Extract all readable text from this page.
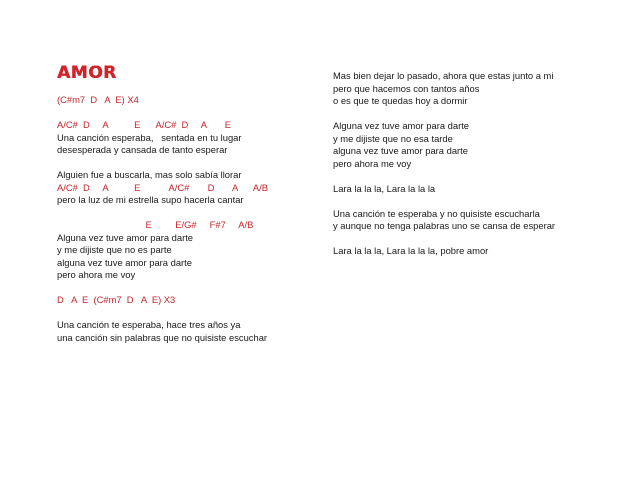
AMOR
(C#m7  D   A  E) X4
A/C#  D     A          E      A/C#  D     A       E
Una canción esperaba,   sentada en tu lugar
desesperada y cansada de tanto esperar
Alguien fue a buscarla, mas solo sabía llorar
A/C#  D     A          E           A/C#       D       A      A/B
pero la luz de mi estrella supo hacerla cantar
E         E/G#     F#7     A/B
Alguna vez tuve amor para darte
y me dijiste que no es parte
alguna vez tuve amor para darte
pero ahora me voy
D   A  E  (C#m7  D   A  E) X3
Una canción te esperaba, hace tres años ya
una canción sin palabras que no quisiste escuchar
Mas bien dejar lo pasado, ahora que estas junto a mi
pero que hacemos con tantos años
o es que te quedas hoy a dormir
Alguna vez tuve amor para darte
y me dijiste que no esa tarde
alguna vez tuve amor para darte
pero ahora me voy
Lara la la la, Lara la la la
Una canción te esperaba y no quisiste escucharla
y aunque no tenga palabras uno se cansa de esperar
Lara la la la, Lara la la la, pobre amor
